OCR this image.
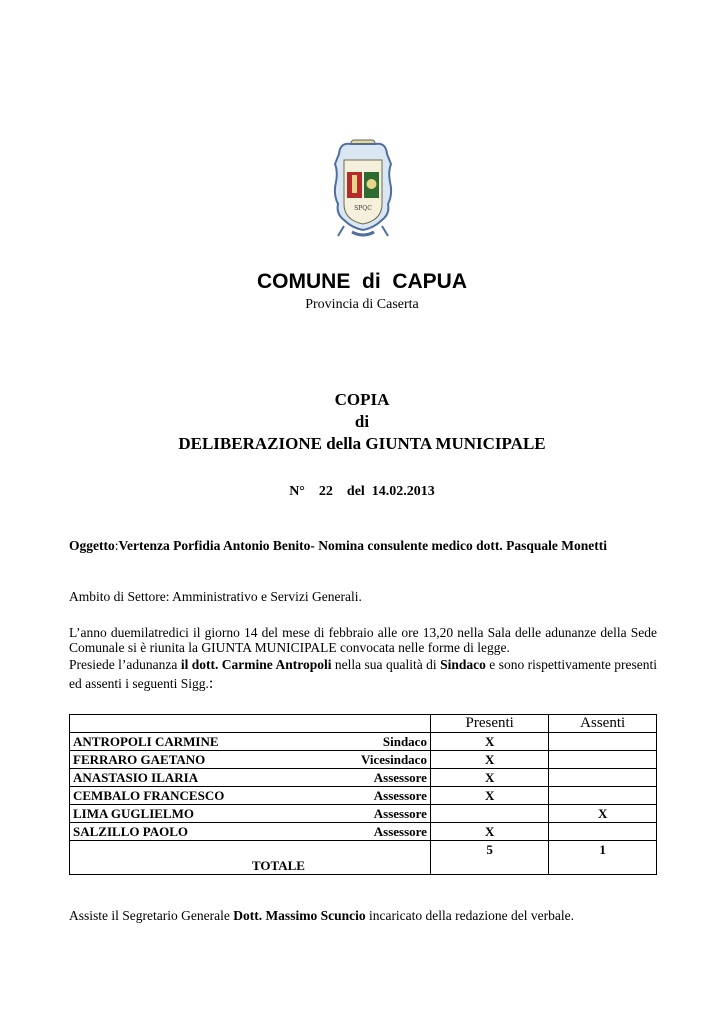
SPQC
COMUNE  di  CAPUA
Provincia di Caserta
COPIA
di
DELIBERAZIONE della GIUNTA MUNICIPALE
N° 22 del 14.02.2013
Oggetto:Vertenza Porfidia Antonio Benito- Nomina consulente medico dott. Pasquale Monetti
Ambito di Settore: Amministrativo e Servizi Generali.
L’anno duemilatredici il giorno 14 del mese di febbraio alle ore 13,20 nella Sala delle adunanze della Sede Comunale si è riunita la GIUNTA MUNICIPALE convocata nelle forme di legge.
Presiede l’adunanza il dott. Carmine Antropoli nella sua qualità di Sindaco e sono rispettivamente presenti ed assenti i seguenti Sigg.:
	Presenti	Assenti
ANTROPOLI CARMINE Sindaco	X	
FERRARO GAETANO Vicesindaco	X	
ANASTASIO ILARIA Assessore	X	
CEMBALO FRANCESCO Assessore	X	
LIMA GUGLIELMO Assessore		X
SALZILLO PAOLO Assessore	X	
TOTALE	5	1
Assiste il Segretario Generale Dott. Massimo Scuncio incaricato della redazione del verbale.
